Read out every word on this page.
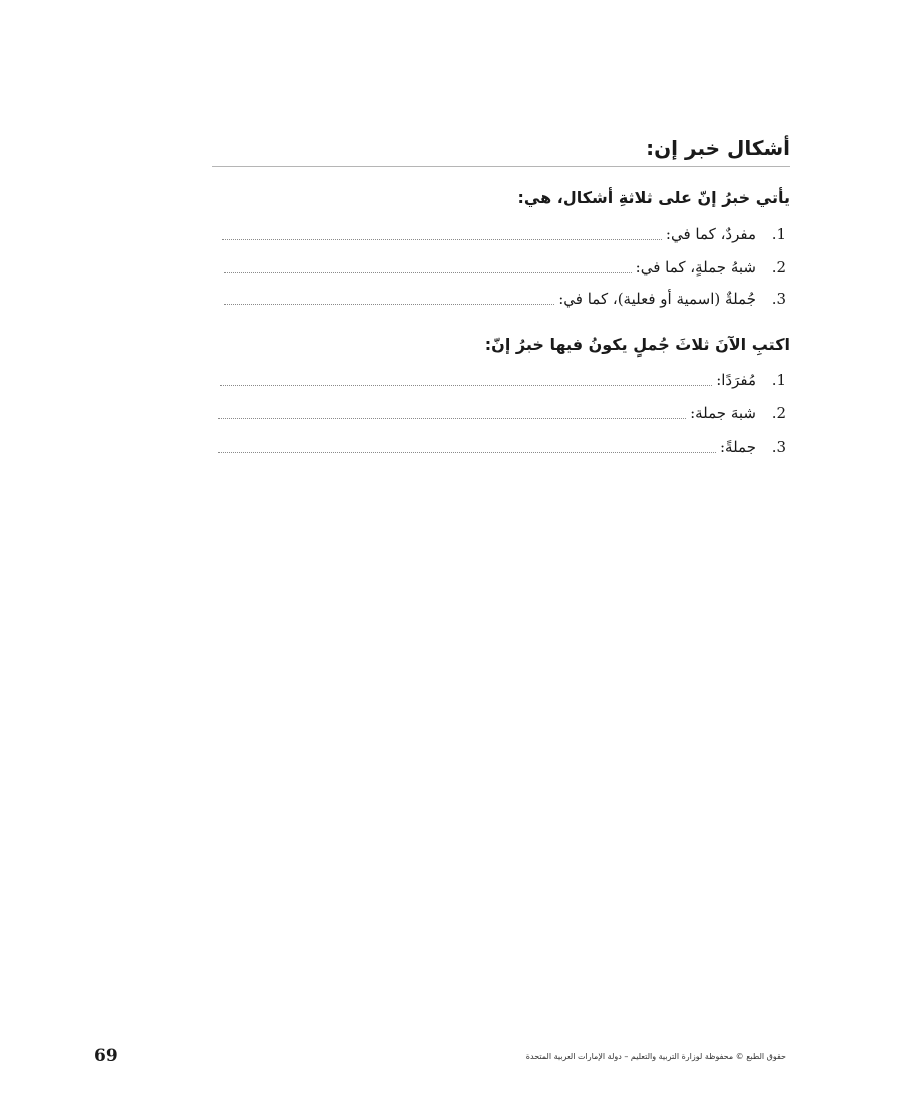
أشكال خبر إن:
يأتي خبرُ إنّ على ثلاثةِ أشكال، هي:
.1
مفردٌ، كما في:
.2
شبهُ جملةٍ، كما في:
.3
جُملةٌ (اسمية أو فعلية)، كما في:
اكتبِ الآنَ ثلاثَ جُملٍ يكونُ فيها خبرُ إنّ:
.1
مُفرَدًا:
.2
شبهَ جملة:
.3
جملةً:
حقوق الطبع © محفوظة لوزارة التربية والتعليم – دولة الإمارات العربية المتحدة
69
